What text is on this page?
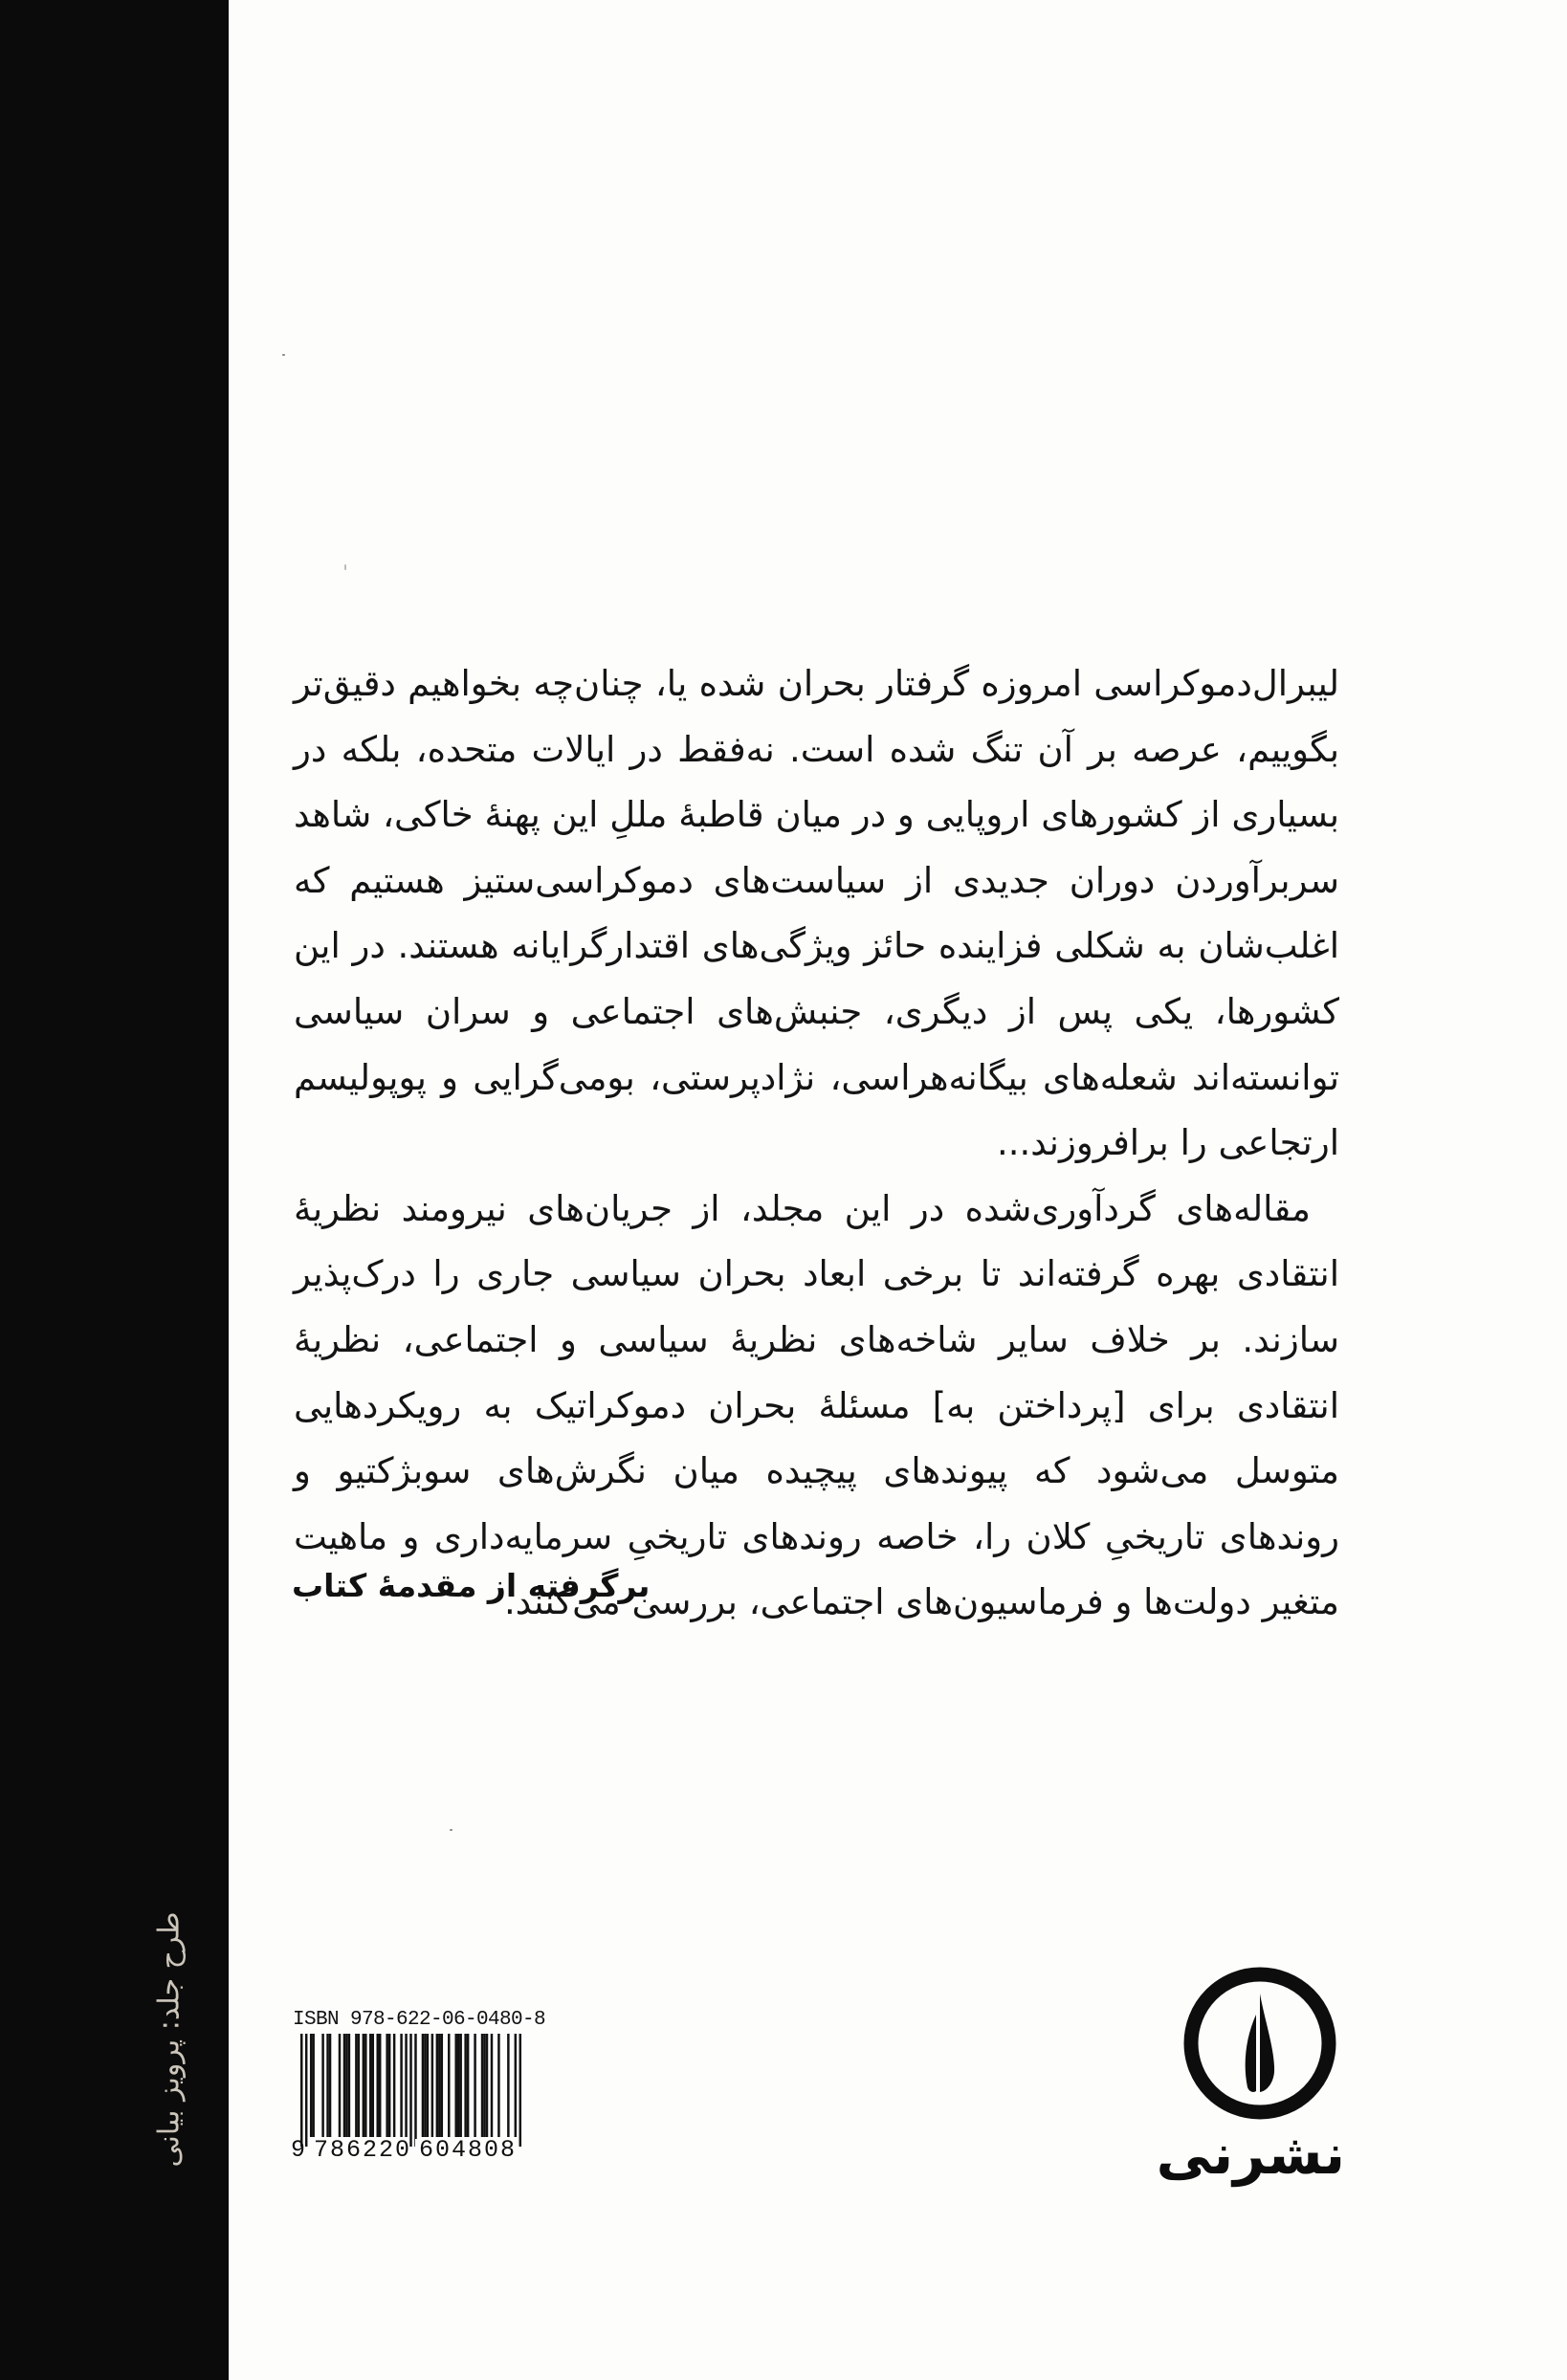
طرح جلد: پرویز بیانی

لیبرال‌دموکراسی امروزه گرفتار بحران شده یا، چنان‌چه بخواهیم دقیق‌تر بگوییم، عرصه بر آن تنگ شده است. نه‌فقط در ایالات متحده، بلکه در بسیاری از کشورهای اروپایی و در میان قاطبهٔ مللِ این پهنهٔ خاکی، شاهد سربرآوردن دوران جدیدی از سیاست‌های دموکراسی‌ستیز هستیم که اغلب‌شان به شکلی فزاینده حائز ویژگی‌های اقتدارگرایانه هستند. در این کشورها، یکی پس از دیگری، جنبش‌های اجتماعی و سران سیاسی توانسته‌اند شعله‌های بیگانه‌هراسی، نژادپرستی، بومی‌گرایی و پوپولیسم ارتجاعی را برافروزند...

مقاله‌های گردآوری‌شده در این مجلد، از جریان‌های نیرومند نظریهٔ انتقادی بهره گرفته‌اند تا برخی ابعاد بحران سیاسی جاری را درک‌پذیر سازند. بر خلاف سایر شاخه‌های نظریهٔ سیاسی و اجتماعی، نظریهٔ انتقادی برای [پرداختن به] مسئلهٔ بحران دموکراتیک به رویکردهایی متوسل می‌شود که پیوندهای پیچیده میان نگرش‌های سوبژکتیو و روندهای تاریخیِ کلان را، خاصه روندهای تاریخیِ سرمایه‌داری و ماهیت متغیر دولت‌ها و فرماسیون‌های اجتماعی، بررسی می‌کنند.

برگرفته از مقدمهٔ کتاب
ISBN 978-622-06-0480-8
9 786220 604808	نشرنی
